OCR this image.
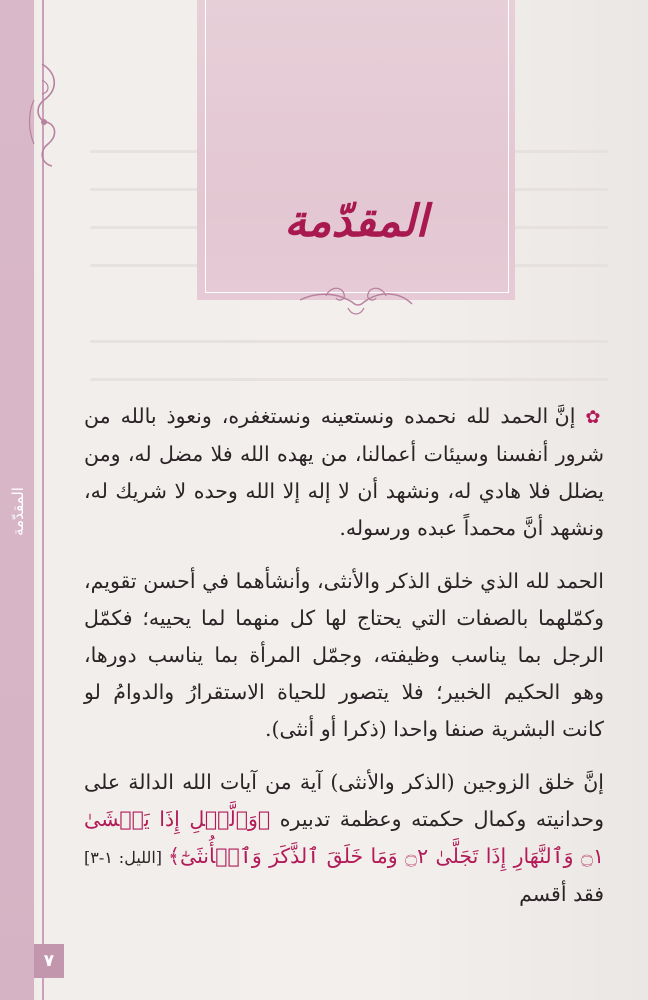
المقدّمة
٧
المقدّمة

✿ إنَّ الحمد لله نحمده ونستعينه ونستغفره، ونعوذ بالله من شرور أنفسنا وسيئات أعمالنا، من يهده الله فلا مضل له، ومن يضلل فلا هادي له، ونشهد أن لا إله إلا الله وحده لا شريك له، ونشهد أنَّ محمداً عبده ورسوله.

الحمد لله الذي خلق الذكر والأنثى، وأنشأهما في أحسن تقويم، وكمّلهما بالصفات التي يحتاج لها كل منهما لما يحييه؛ فكمّل الرجل بما يناسب وظيفته، وجمّل المرأة بما يناسب دورها، وهو الحكيم الخبير؛ فلا يتصور للحياة الاستقرارُ والدوامُ لو كانت البشرية صنفا واحدا (ذكرا أو أنثى).

إنَّ خلق الزوجين (الذكر والأنثى) آية من آيات الله الدالة على وحدانيته وكمال حكمته وعظمة تدبيره ﴿وَٱلَّيۡلِ إِذَا يَغۡشَىٰ ۝١ وَٱلنَّهَارِ إِذَا تَجَلَّىٰ ۝٢ وَمَا خَلَقَ ٱلذَّكَرَ وَٱلۡأُنثَىٰٓ﴾ [الليل: ١-٣] فقد أقسم
